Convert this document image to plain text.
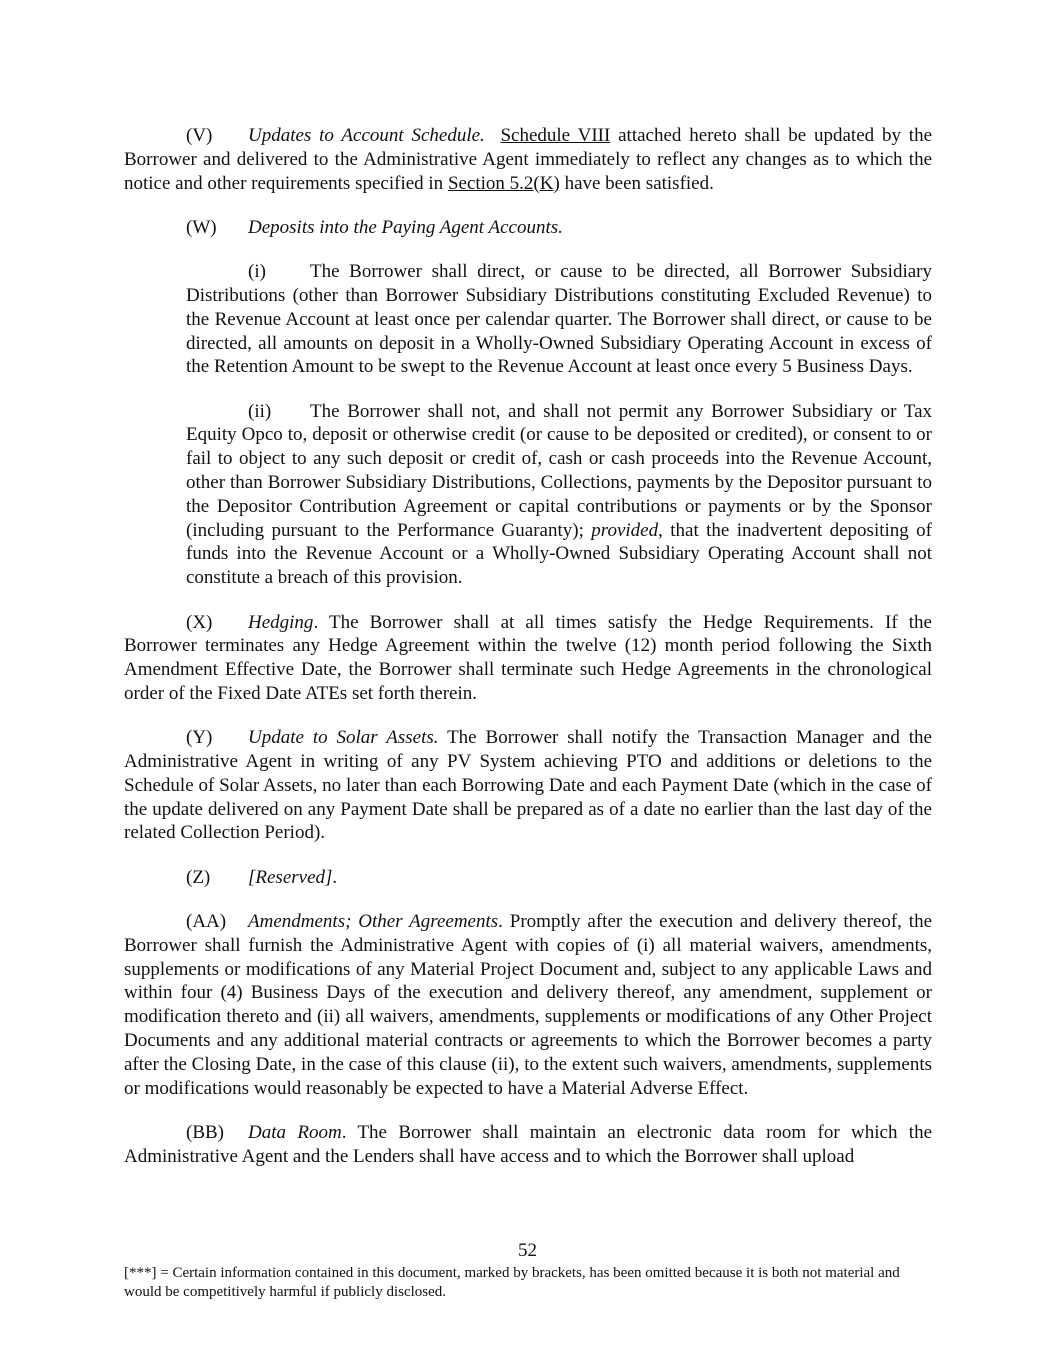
(V) Updates to Account Schedule. Schedule VIII attached hereto shall be updated by the Borrower and delivered to the Administrative Agent immediately to reflect any changes as to which the notice and other requirements specified in Section 5.2(K) have been satisfied.

(W) Deposits into the Paying Agent Accounts.

(i) The Borrower shall direct, or cause to be directed, all Borrower Subsidiary Distributions (other than Borrower Subsidiary Distributions constituting Excluded Revenue) to the Revenue Account at least once per calendar quarter. The Borrower shall direct, or cause to be directed, all amounts on deposit in a Wholly-Owned Subsidiary Operating Account in excess of the Retention Amount to be swept to the Revenue Account at least once every 5 Business Days.

(ii) The Borrower shall not, and shall not permit any Borrower Subsidiary or Tax Equity Opco to, deposit or otherwise credit (or cause to be deposited or credited), or consent to or fail to object to any such deposit or credit of, cash or cash proceeds into the Revenue Account, other than Borrower Subsidiary Distributions, Collections, payments by the Depositor pursuant to the Depositor Contribution Agreement or capital contributions or payments or by the Sponsor (including pursuant to the Performance Guaranty); provided, that the inadvertent depositing of funds into the Revenue Account or a Wholly-Owned Subsidiary Operating Account shall not constitute a breach of this provision.

(X) Hedging. The Borrower shall at all times satisfy the Hedge Requirements. If the Borrower terminates any Hedge Agreement within the twelve (12) month period following the Sixth Amendment Effective Date, the Borrower shall terminate such Hedge Agreements in the chronological order of the Fixed Date ATEs set forth therein.

(Y) Update to Solar Assets. The Borrower shall notify the Transaction Manager and the Administrative Agent in writing of any PV System achieving PTO and additions or deletions to the Schedule of Solar Assets, no later than each Borrowing Date and each Payment Date (which in the case of the update delivered on any Payment Date shall be prepared as of a date no earlier than the last day of the related Collection Period).

(Z) [Reserved].

(AA) Amendments; Other Agreements. Promptly after the execution and delivery thereof, the Borrower shall furnish the Administrative Agent with copies of (i) all material waivers, amendments, supplements or modifications of any Material Project Document and, subject to any applicable Laws and within four (4) Business Days of the execution and delivery thereof, any amendment, supplement or modification thereto and (ii) all waivers, amendments, supplements or modifications of any Other Project Documents and any additional material contracts or agreements to which the Borrower becomes a party after the Closing Date, in the case of this clause (ii), to the extent such waivers, amendments, supplements or modifications would reasonably be expected to have a Material Adverse Effect.

(BB) Data Room. The Borrower shall maintain an electronic data room for which the Administrative Agent and the Lenders shall have access and to which the Borrower shall upload

52
[***] = Certain information contained in this document, marked by brackets, has been omitted because it is both not material and would be competitively harmful if publicly disclosed.
